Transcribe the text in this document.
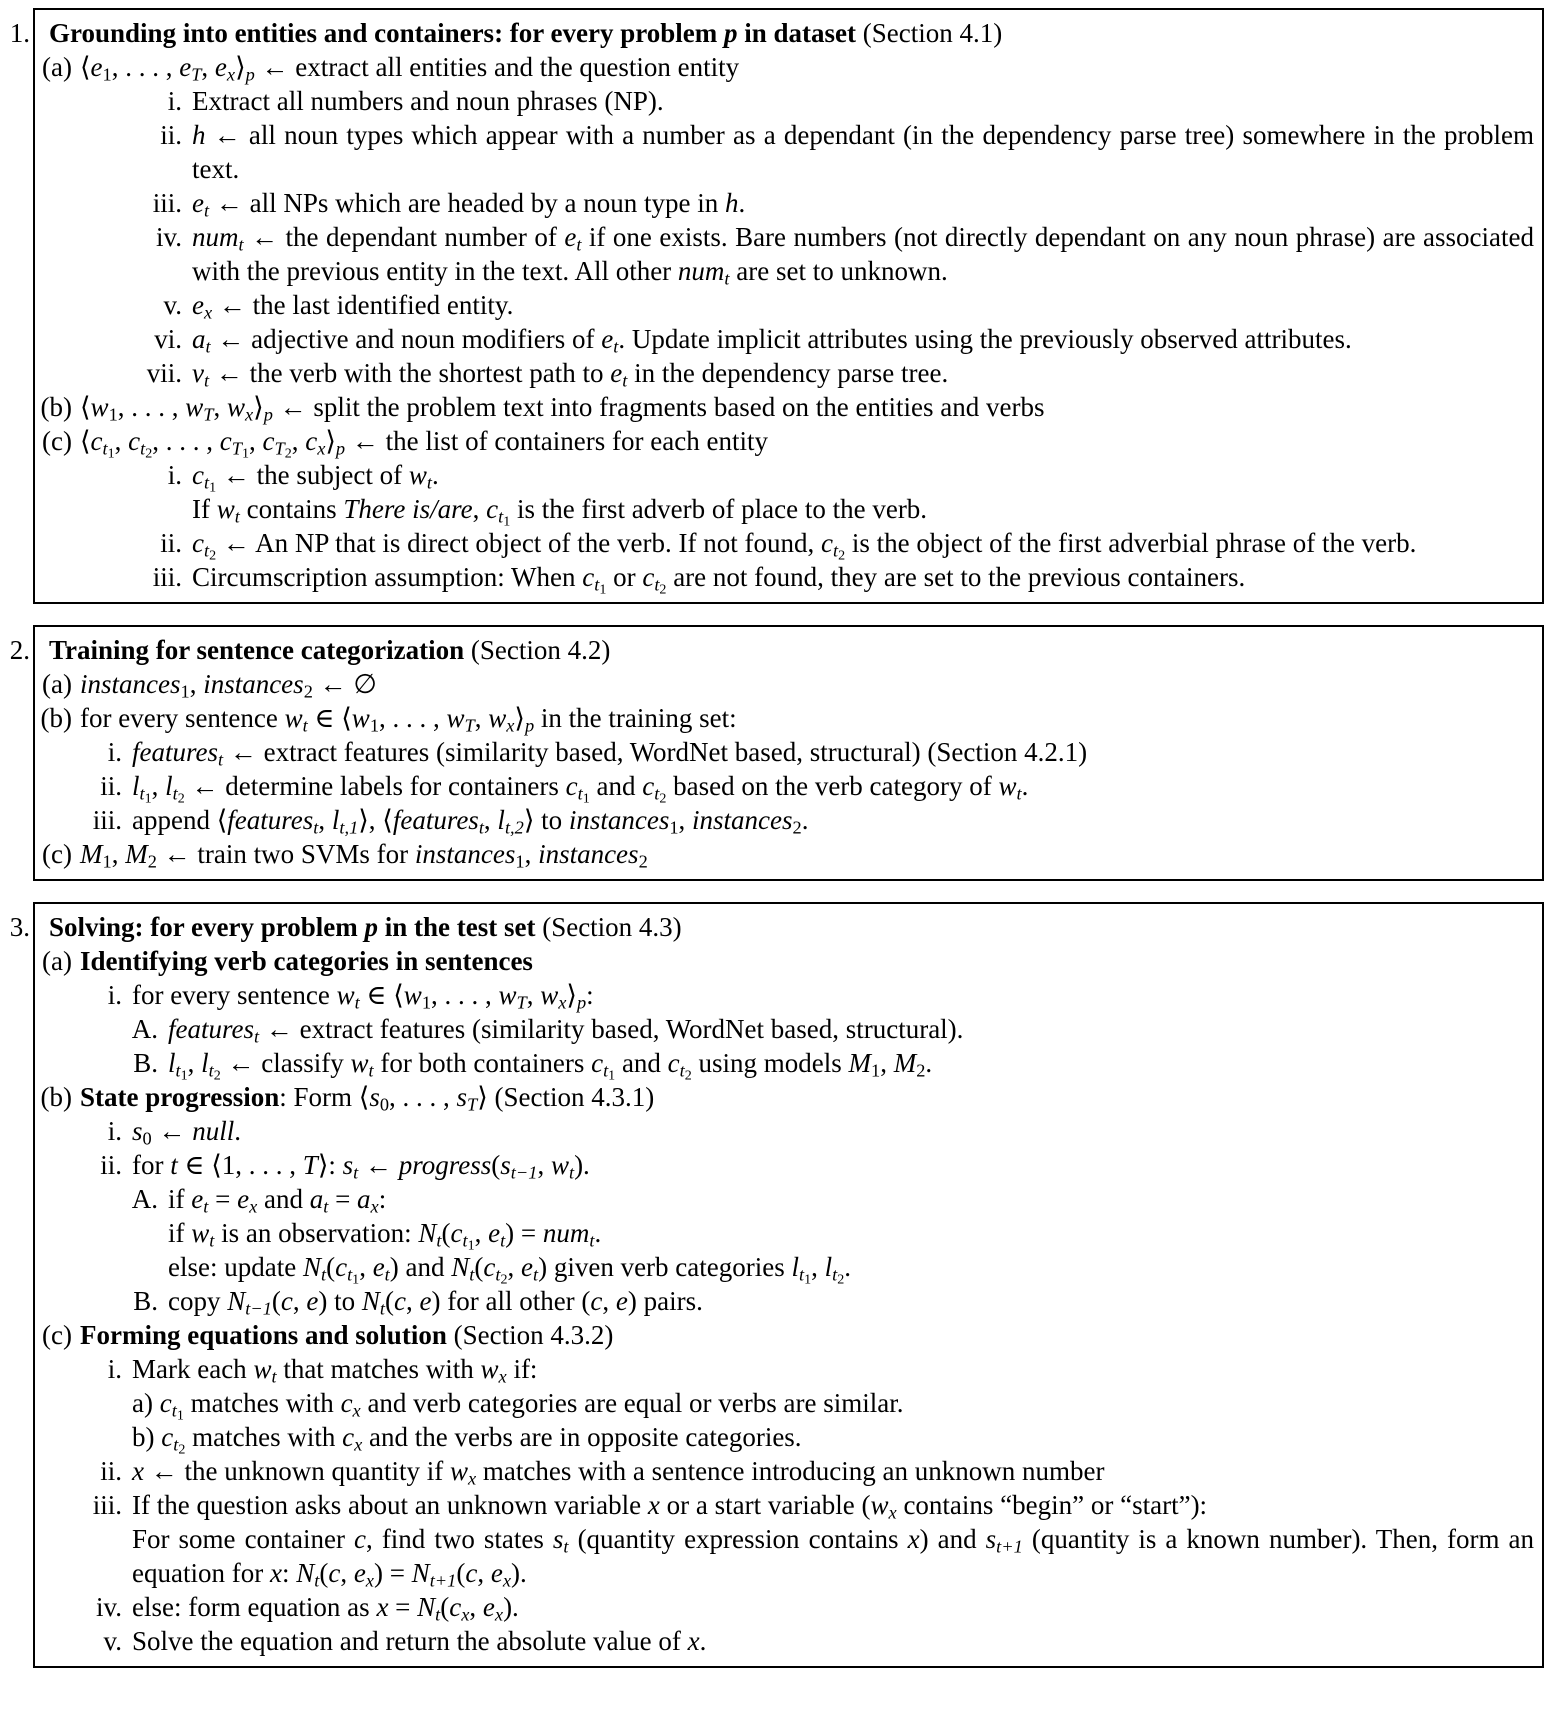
1. Grounding into entities and containers: for every problem p in dataset (Section 4.1)
(a) ⟨e1, . . . , eT, ex⟩p ← extract all entities and the question entity
i. Extract all numbers and noun phrases (NP).
ii. h ← all noun types which appear with a number as a dependant (in the dependency parse tree) somewhere in the problem text.
iii. et ← all NPs which are headed by a noun type in h.
iv. numt ← the dependant number of et if one exists. Bare numbers (not directly dependant on any noun phrase) are associated with the previous entity in the text. All other numt are set to unknown.
v. ex ← the last identified entity.
vi. at ← adjective and noun modifiers of et. Update implicit attributes using the previously observed attributes.
vii. vt ← the verb with the shortest path to et in the dependency parse tree.
(b) ⟨w1, . . . , wT, wx⟩p ← split the problem text into fragments based on the entities and verbs
(c) $⟨ct_1$, $ct_2$, . . . , $cT_1$, $cT_2$, cx⟩p ← the list of containers for each entity
i. $ct_1$ ← the subject of wt.
If wt contains There is/are, $ct_1$ is the first adverb of place to the verb.
ii. $ct_2$ ← An NP that is direct object of the verb. If not found, $ct_2$ is the object of the first adverbial phrase of the verb.
iii. Circumscription assumption: When $ct_1$ or $ct_2$ are not found, they are set to the previous containers.
2. Training for sentence categorization (Section 4.2)
(a) instances1, instances2 ← ∅
(b) for every sentence wt ∈ ⟨w1, . . . , wT, wx⟩p in the training set:
i. featurest ← extract features (similarity based, WordNet based, structural) (Section 4.2.1)
ii. $lt_1$, $lt_2$ ← determine labels for containers $ct_1$ and $ct_2$ based on the verb category of wt.
iii. append ⟨featurest, lt,1⟩, ⟨featurest, lt,2⟩ to instances1, instances2.
(c) M1, M2 ← train two SVMs for instances1, instances2
3. Solving: for every problem p in the test set (Section 4.3)
(a) Identifying verb categories in sentences
i. for every sentence wt ∈ ⟨w1, . . . , wT, wx⟩p:
A. featurest ← extract features (similarity based, WordNet based, structural).
B. $lt_1$, $lt_2$ ← classify wt for both containers $ct_1$ and $ct_2$ using models M1, M2.
(b) State progression: Form ⟨s0, . . . , sT⟩ (Section 4.3.1)
i. s0 ← null.
ii. for t ∈ ⟨1, . . . , T⟩: st ← progress(st−1, wt).
A. if et = ex and at = ax:
if wt is an observation: $Nt(ct_1$, et) = numt.
else: update $Nt(ct_1$, et) and $Nt(ct_2$, et) given verb categories $lt_1$, $lt_2$.
B. copy Nt−1(c, e) to Nt(c, e) for all other (c, e) pairs.
(c) Forming equations and solution (Section 4.3.2)
i. Mark each wt that matches with wx if:
a) $ct_1$ matches with cx and verb categories are equal or verbs are similar.
b) $ct_2$ matches with cx and the verbs are in opposite categories.
ii. x ← the unknown quantity if wx matches with a sentence introducing an unknown number
iii. If the question asks about an unknown variable x or a start variable (wx contains “begin” or “start”):
For some container c, find two states st (quantity expression contains x) and st+1 (quantity is a known number). Then, form an equation for x: Nt(c, ex) = Nt+1(c, ex).
iv. else: form equation as x = Nt(cx, ex).
v. Solve the equation and return the absolute value of x.
